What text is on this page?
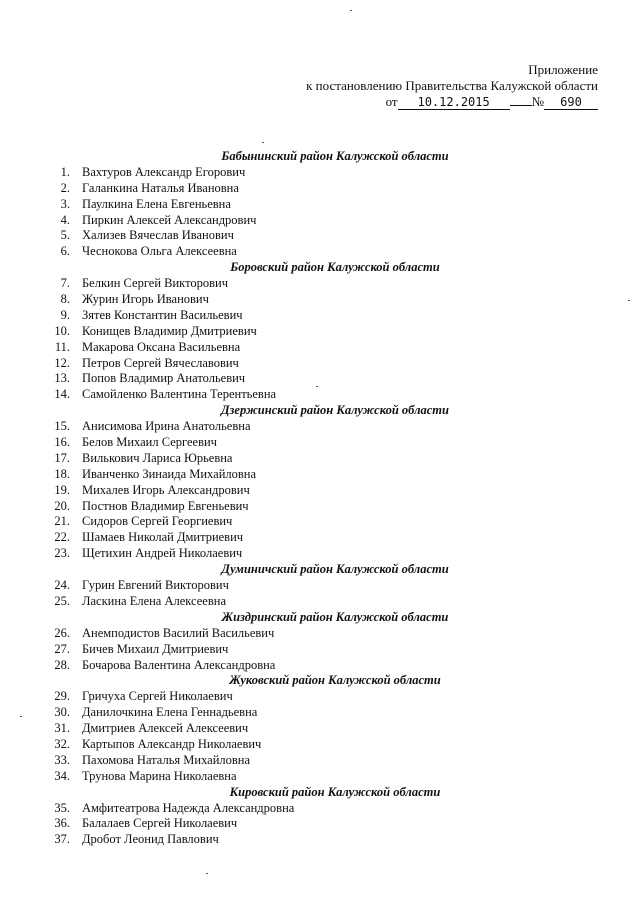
Приложение
к постановлению Правительства Калужской области
от 10.12.2015	№ 690
Бабынинский район Калужской области
1. Вахтуров Александр Егорович
2. Галанкина Наталья Ивановна
3. Паулкина Елена Евгеньевна
4. Пиркин Алексей Александрович
5. Хализев Вячеслав Иванович
6. Чеснокова Ольга Алексеевна
Боровский район Калужской области
7. Белкин Сергей Викторович
8. Журин Игорь Иванович
9. Зятев Константин Васильевич
10. Конищев Владимир Дмитриевич
11. Макарова Оксана Васильевна
12. Петров Сергей Вячеславович
13. Попов Владимир Анатольевич
14. Самойленко Валентина Терентьевна
Дзержинский район Калужской области
15. Анисимова Ирина Анатольевна
16. Белов Михаил Сергеевич
17. Вилькович Лариса Юрьевна
18. Иванченко Зинаида Михайловна
19. Михалев Игорь Александрович
20. Постнов Владимир Евгеньевич
21. Сидоров Сергей Георгиевич
22. Шамаев Николай Дмитриевич
23. Щетихин Андрей Николаевич
Думиничский район Калужской области
24. Гурин Евгений Викторович
25. Ласкина Елена Алексеевна
Жиздринский район Калужской области
26. Анемподистов Василий Васильевич
27. Бичев Михаил Дмитриевич
28. Бочарова Валентина Александровна
Жуковский район Калужской области
29. Гричуха Сергей Николаевич
30. Данилочкина Елена Геннадьевна
31. Дмитриев Алексей Алексеевич
32. Картыпов Александр Николаевич
33. Пахомова Наталья Михайловна
34. Трунова Марина Николаевна
Кировский район Калужской области
35. Амфитеатрова Надежда Александровна
36. Балалаев Сергей Николаевич
37. Дробот Леонид Павлович
